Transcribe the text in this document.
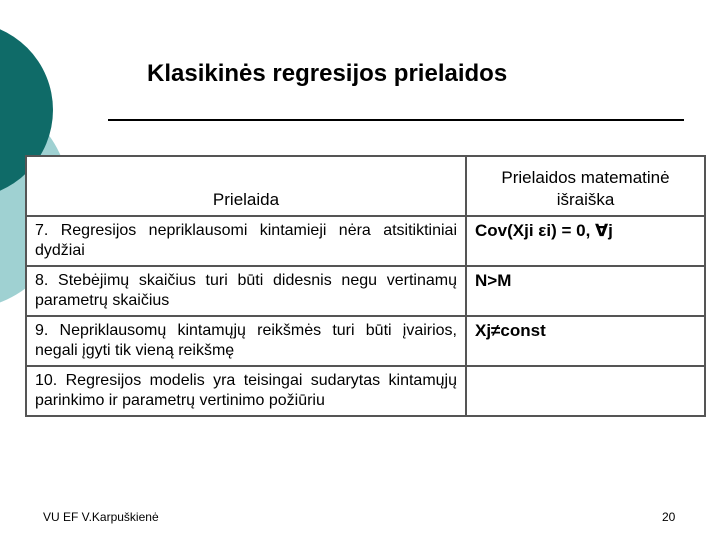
Klasikinės regresijos prielaidos
Prielaida	Prielaidos matematinė išraiška
7. Regresijos nepriklausomi kintamieji nėra atsitiktiniai dydžiai	Cov(Xji εi) = 0, ∀j
8. Stebėjimų skaičius turi būti didesnis negu vertinamų parametrų skaičius	N>M
9. Nepriklausomų kintamųjų reikšmės turi būti įvairios, negali įgyti tik vieną reikšmę	Xj≠const
10. Regresijos modelis yra teisingai sudarytas kintamųjų parinkimo ir parametrų vertinimo požiūriu	
VU EF V.Karpuškienė	20
